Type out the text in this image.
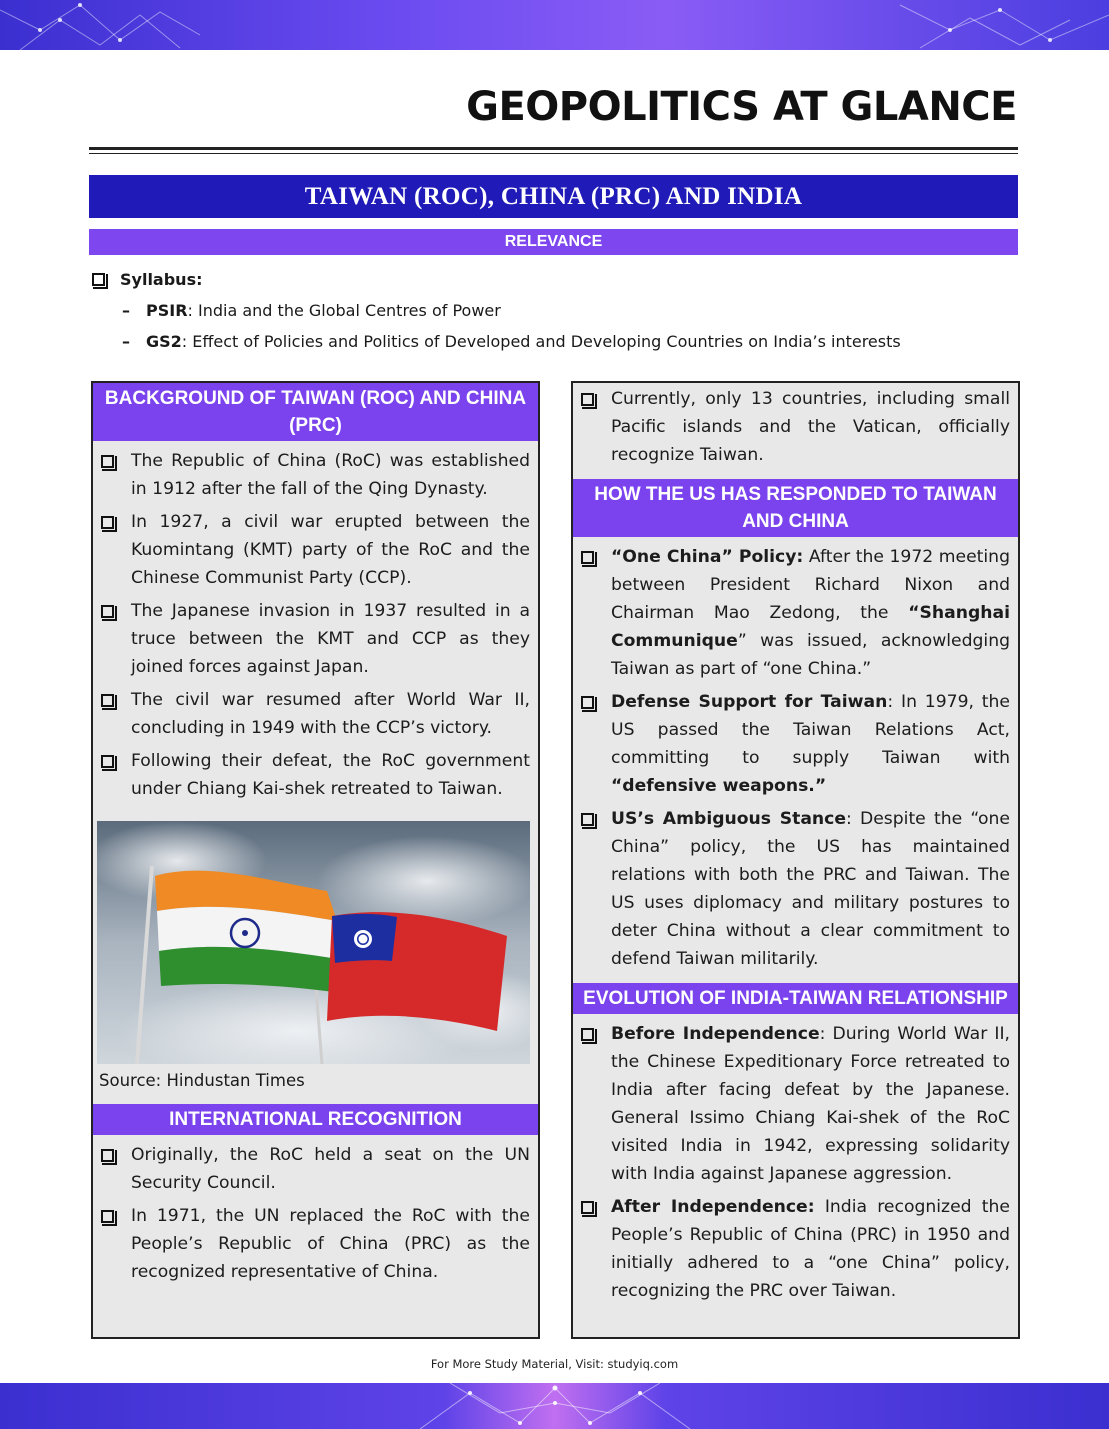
GEOPOLITICS AT GLANCE
TAIWAN (ROC), CHINA (PRC) AND INDIA
RELEVANCE
Syllabus:
– PSIR : India and the Global Centres of Power
– GS2 : Effect of Policies and Politics of Developed and Developing Countries on India’s interests
BACKGROUND OF TAIWAN (ROC) AND CHINA (PRC)

The Republic of China (RoC) was established in 1912 after the fall of the Qing Dynasty.

In 1927, a civil war erupted between the Kuomintang (KMT) party of the RoC and the Chinese Communist Party (CCP).

The Japanese invasion in 1937 resulted in a truce between the KMT and CCP as they joined forces against Japan.

The civil war resumed after World War II, concluding in 1949 with the CCP’s victory.

Following their defeat, the RoC government under Chiang Kai-shek retreated to Taiwan.

Source: Hindustan Times
INTERNATIONAL RECOGNITION

Originally, the RoC held a seat on the UN Security Council.

In 1971, the UN replaced the RoC with the People’s Republic of China (PRC) as the recognized representative of China.

Currently, only 13 countries, including small Pacific islands and the Vatican, officially recognize Taiwan.

HOW THE US HAS RESPONDED TO TAIWAN AND CHINA

“One China” Policy: After the 1972 meeting between President Richard Nixon and Chairman Mao Zedong, the “Shanghai Communique” was issued, acknowledging Taiwan as part of “one China.”

Defense Support for Taiwan: In 1979, the US passed the Taiwan Relations Act, committing to supply Taiwan with “defensive weapons.”

US’s Ambiguous Stance: Despite the “one China” policy, the US has maintained relations with both the PRC and Taiwan. The US uses diplomacy and military postures to deter China without a clear commitment to defend Taiwan militarily.

EVOLUTION OF INDIA-TAIWAN RELATIONSHIP

Before Independence: During World War II, the Chinese Expeditionary Force retreated to India after facing defeat by the Japanese. General Issimo Chiang Kai-shek of the RoC visited India in 1942, expressing solidarity with India against Japanese aggression.

After Independence: India recognized the People’s Republic of China (PRC) in 1950 and initially adhered to a “one China” policy, recognizing the PRC over Taiwan.

For More Study Material, Visit: studyiq.com
